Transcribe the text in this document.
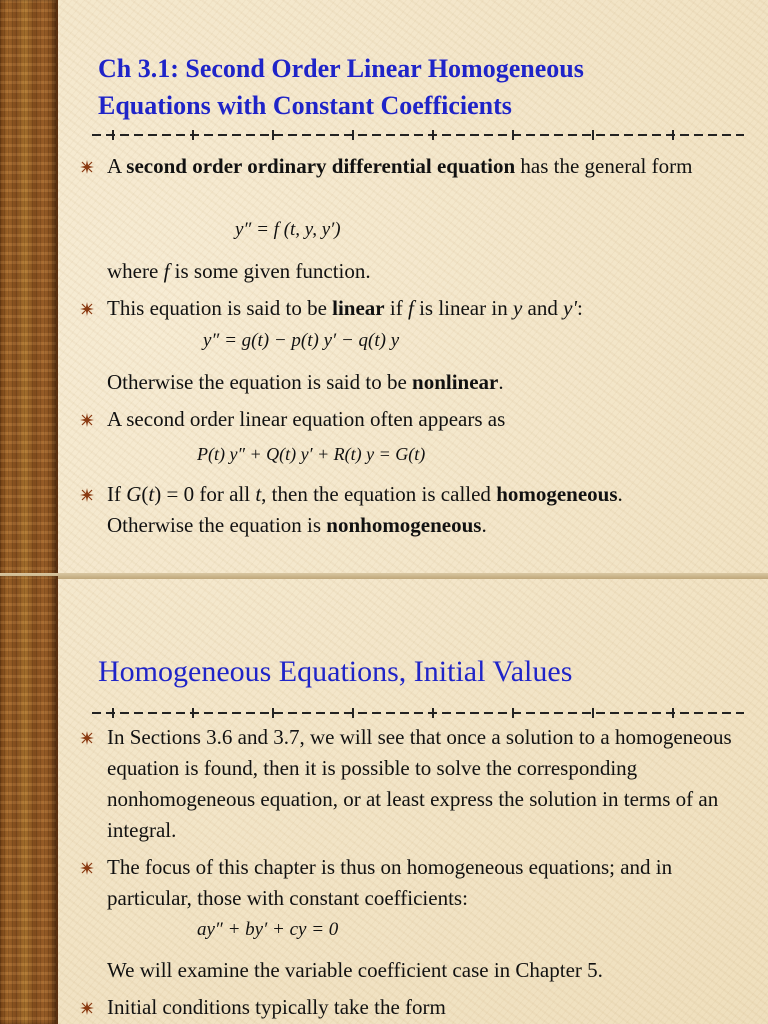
Ch 3.1: Second Order Linear Homogeneous
Equations with Constant Coefficients
A second order ordinary differential equation has the general form
y″ = f (t, y, y′)
where f is some given function.
This equation is said to be linear if f is linear in y and y':
y″ = g(t) − p(t) y′ − q(t) y
Otherwise the equation is said to be nonlinear.
A second order linear equation often appears as
P(t) y″ + Q(t) y′ + R(t) y = G(t)
If G(t) = 0 for all t, then the equation is called homogeneous.
Otherwise the equation is nonhomogeneous.
Homogeneous Equations, Initial Values
In Sections 3.6 and 3.7, we will see that once a solution to a homogeneous equation is found, then it is possible to solve the corresponding nonhomogeneous equation, or at least express the solution in terms of an integral.
The focus of this chapter is thus on homogeneous equations; and in particular, those with constant coefficients:
ay″ + by′ + cy = 0
We will examine the variable coefficient case in Chapter 5.
Initial conditions typically take the form
